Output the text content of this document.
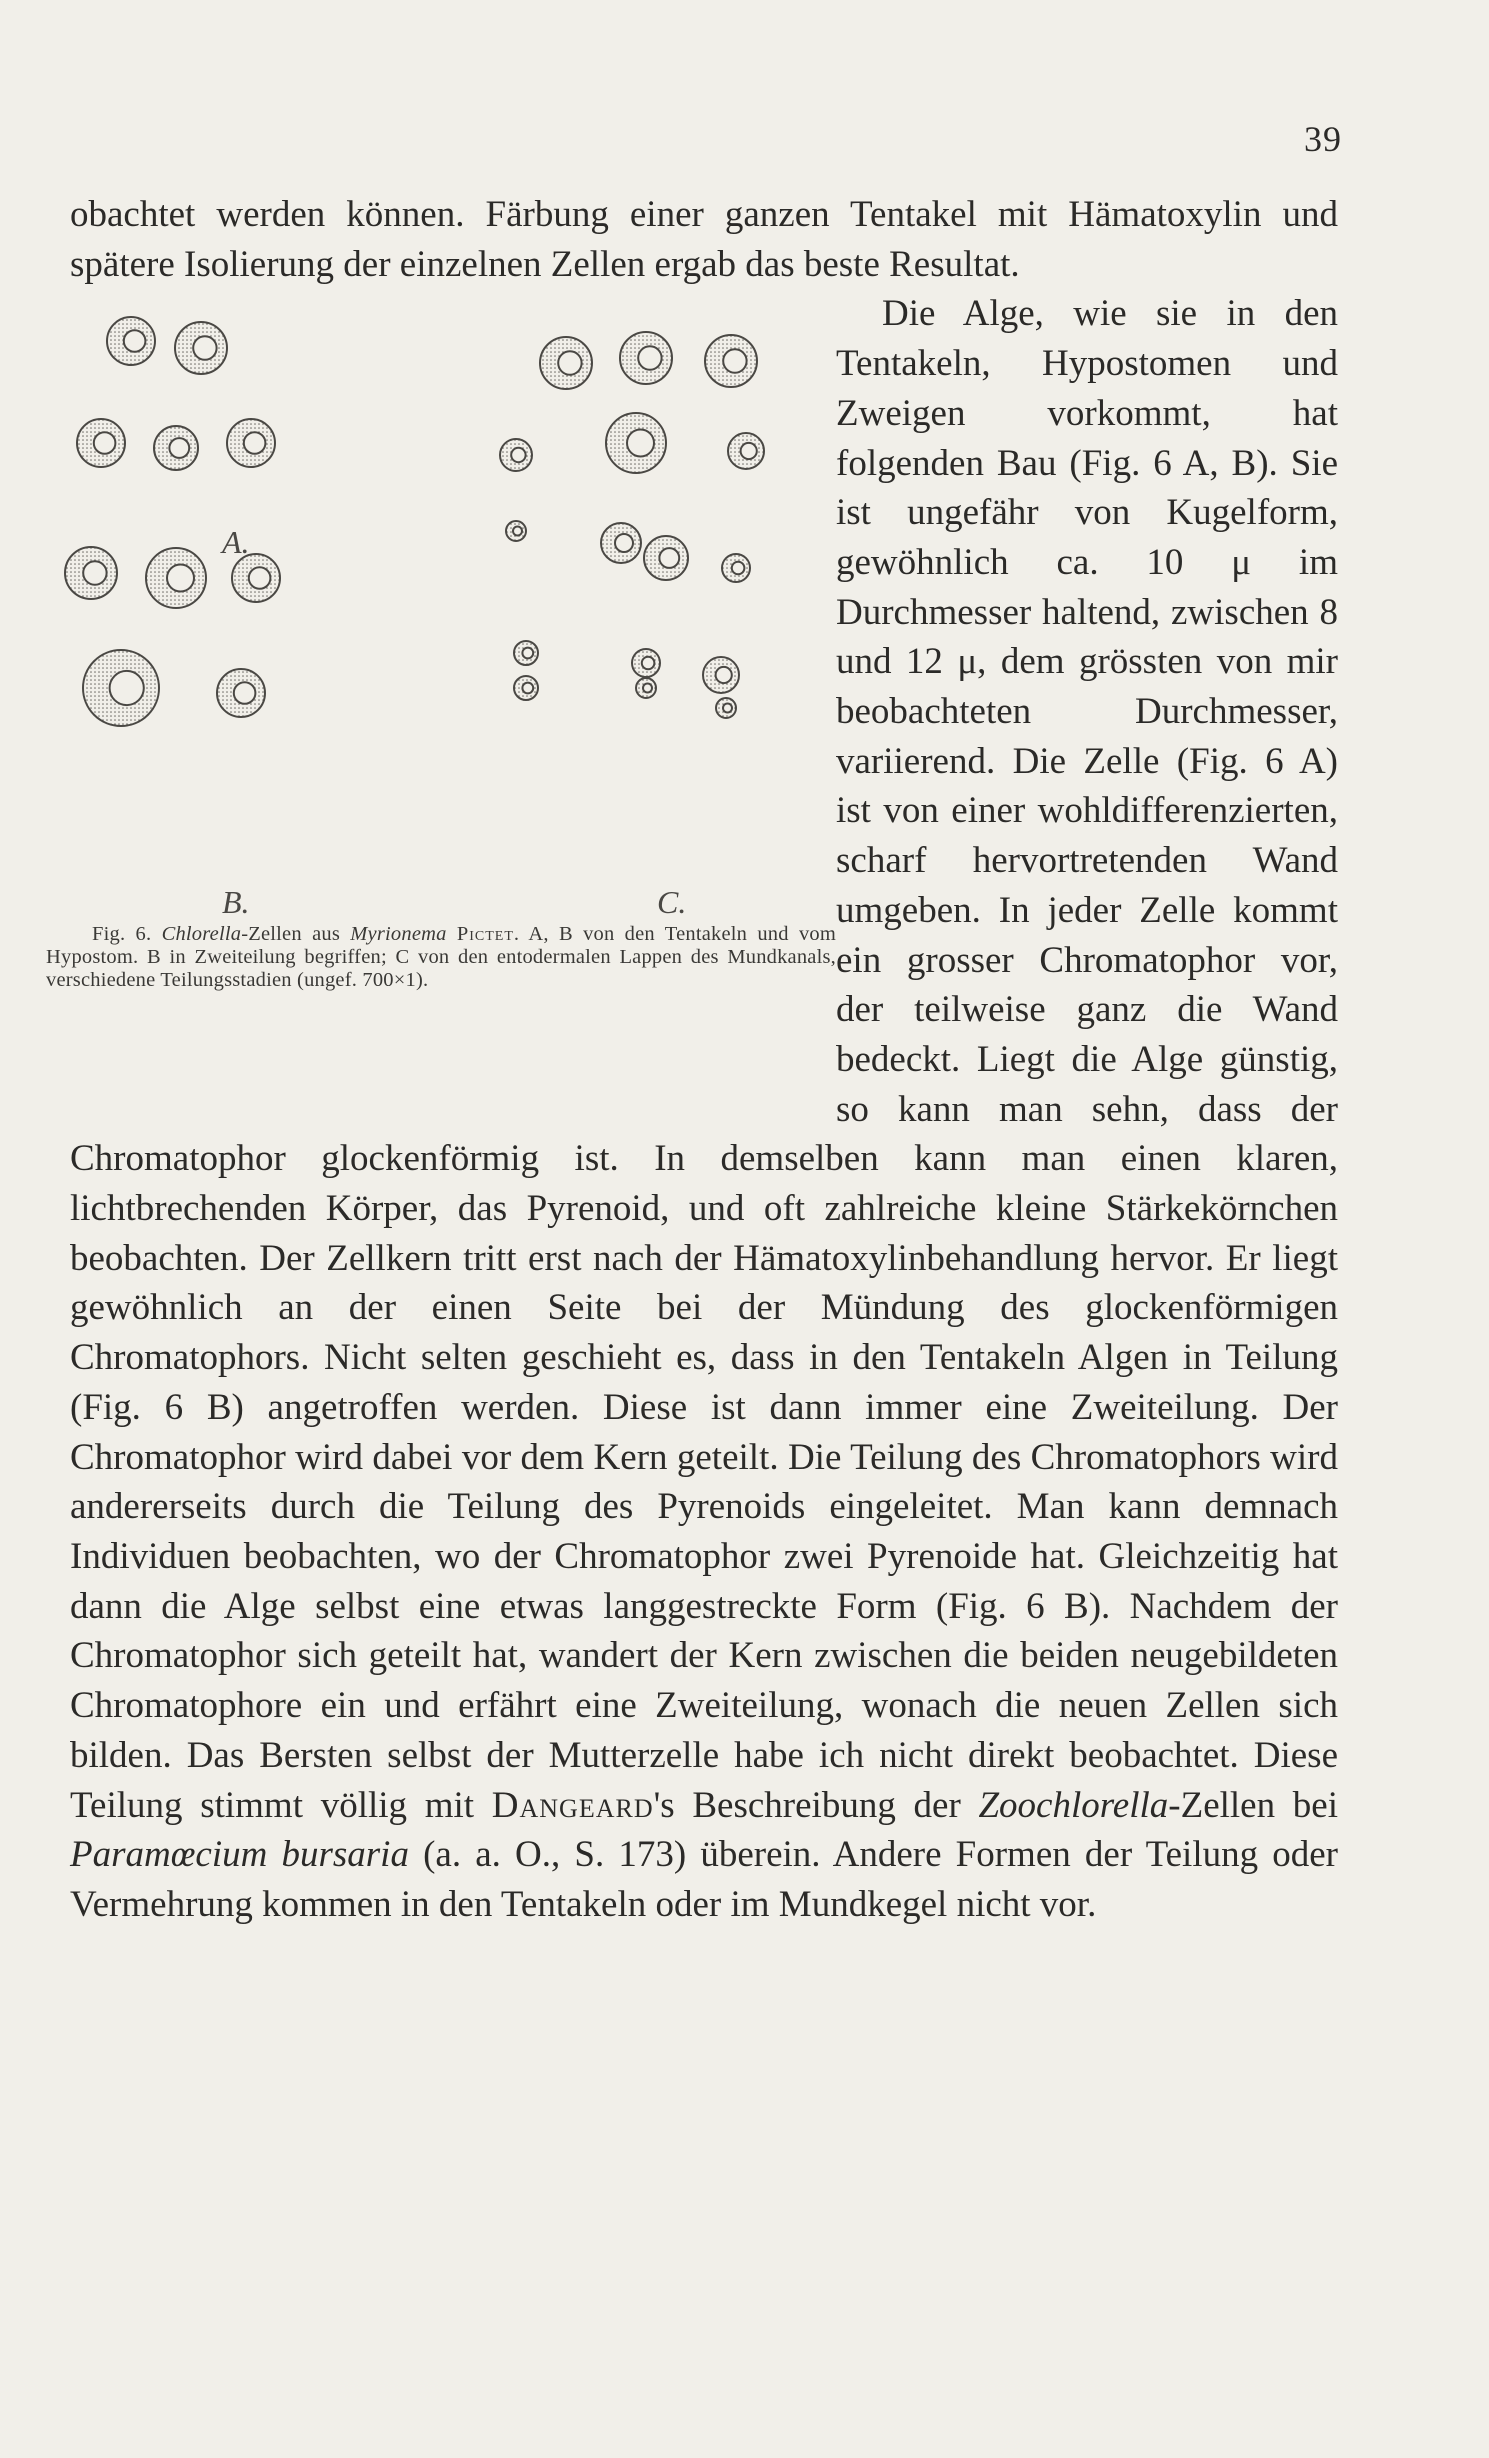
39

obachtet werden können. Färbung einer ganzen Tentakel mit Hämatoxylin und spätere Isolierung der einzelnen Zellen ergab das beste Resultat.

A.
B.	C.
Fig. 6. Chlorella-Zellen aus Myrionema Pictet. A, B von den Tentakeln und vom Hypostom. B in Zweiteilung begriffen; C von den entodermalen Lappen des Mundkanals, verschiedene Teilungsstadien (ungef. 700×1).
Die Alge, wie sie in den Tentakeln, Hypostomen und Zweigen vorkommt, hat folgenden Bau (Fig. 6 A, B). Sie ist ungefähr von Kugelform, gewöhnlich ca. 10 μ im Durchmesser haltend, zwischen 8 und 12 μ, dem grössten von mir beobachteten Durchmesser, variierend. Die Zelle (Fig. 6 A) ist von einer wohldifferenzierten, scharf hervortretenden Wand umgeben. In jeder Zelle kommt ein grosser Chromatophor vor, der teilweise ganz die Wand bedeckt. Liegt die Alge günstig, so kann man sehn, dass der Chromatophor glockenförmig ist. In demselben kann man einen klaren, lichtbrechenden Körper, das Pyrenoid, und oft zahlreiche kleine Stärkekörnchen beobachten. Der Zellkern tritt erst nach der Hämatoxylinbehandlung hervor. Er liegt gewöhnlich an der einen Seite bei der Mündung des glockenförmigen Chromatophors. Nicht selten geschieht es, dass in den Tentakeln Algen in Teilung (Fig. 6 B) angetroffen werden. Diese ist dann immer eine Zweiteilung. Der Chromatophor wird dabei vor dem Kern geteilt. Die Teilung des Chromatophors wird andererseits durch die Teilung des Pyrenoids eingeleitet. Man kann demnach Individuen beobachten, wo der Chromatophor zwei Pyrenoide hat. Gleichzeitig hat dann die Alge selbst eine etwas langgestreckte Form (Fig. 6 B). Nachdem der Chromatophor sich geteilt hat, wandert der Kern zwischen die beiden neugebildeten Chromatophore ein und erfährt eine Zweiteilung, wonach die neuen Zellen sich bilden. Das Bersten selbst der Mutterzelle habe ich nicht direkt beobachtet. Diese Teilung stimmt völlig mit Dangeard's Beschreibung der Zoochlorella-Zellen bei Paramœcium bursaria (a. a. O., S. 173) überein. Andere Formen der Teilung oder Vermehrung kommen in den Tentakeln oder im Mundkegel nicht vor.
